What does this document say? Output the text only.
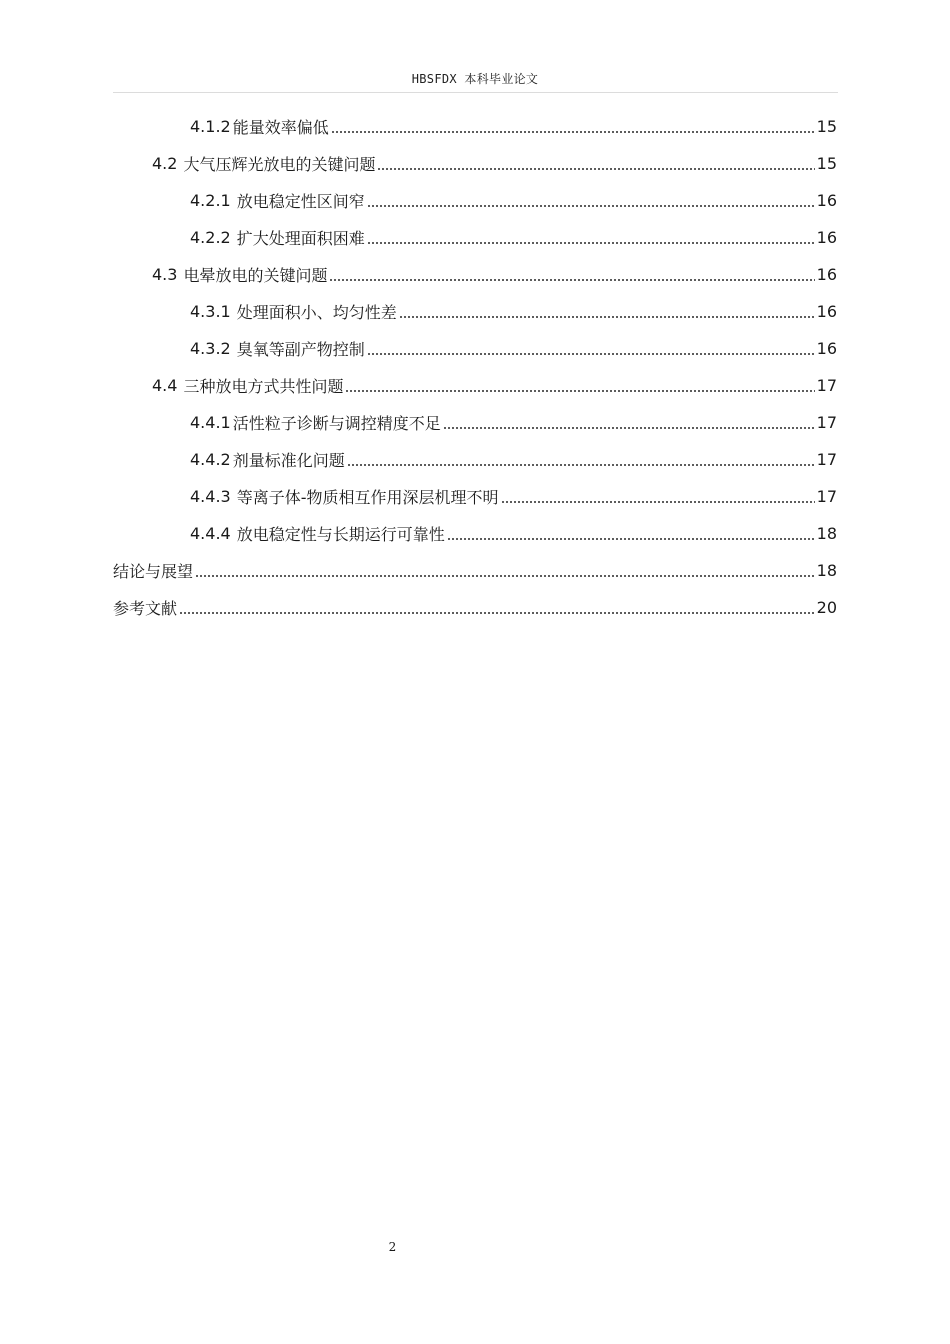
HBSFDX 本科毕业论文
4.1.2 能量效率偏低	15
4.2 大气压辉光放电的关键问题	15
4.2.1 放电稳定性区间窄	16
4.2.2 扩大处理面积困难	16
4.3 电晕放电的关键问题	16
4.3.1 处理面积小、均匀性差	16
4.3.2 臭氧等副产物控制	16
4.4 三种放电方式共性问题	17
4.4.1 活性粒子诊断与调控精度不足	17
4.4.2 剂量标准化问题	17
4.4.3 等离子体-物质相互作用深层机理不明	17
4.4.4 放电稳定性与长期运行可靠性	18
结论与展望	18
参考文献	20
2
